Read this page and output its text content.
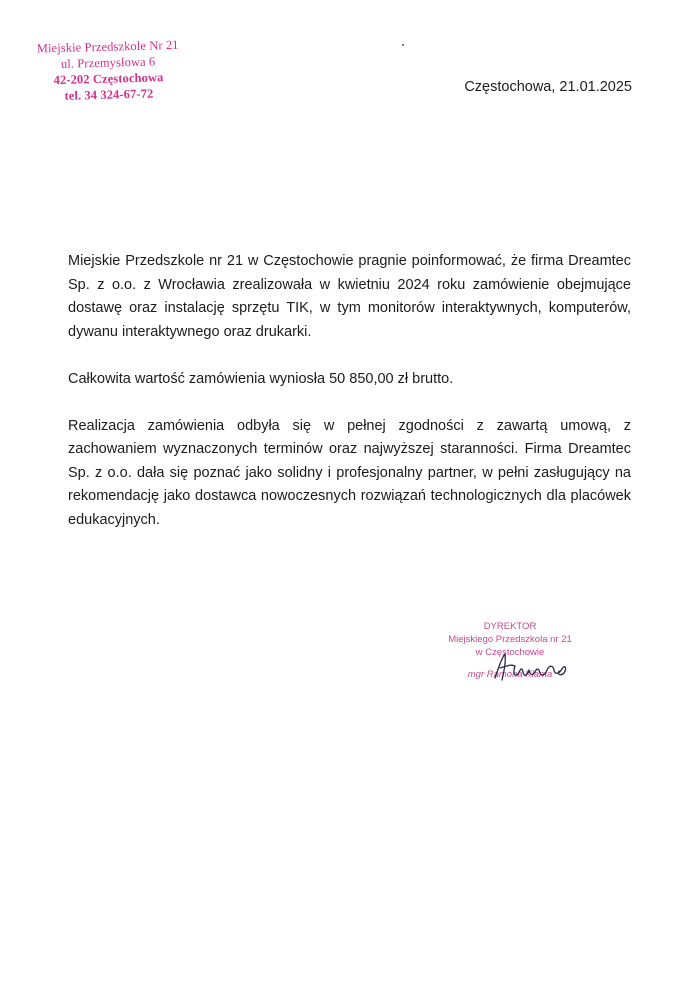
Miejskie Przedszkole Nr 21
ul. Przemysłowa 6
42-202 Częstochowa
tel. 34 324-67-72	Częstochowa, 21.01.2025

Miejskie Przedszkole nr 21 w Częstochowie pragnie poinformować, że firma Dreamtec Sp. z o.o. z Wrocławia zrealizowała w kwietniu 2024 roku zamówienie obejmujące dostawę oraz instalację sprzętu TIK, w tym monitorów interaktywnych, komputerów, dywanu interaktywnego oraz drukarki.

Całkowita wartość zamówienia wyniosła 50 850,00 zł brutto.

Realizacja zamówienia odbyła się w pełnej zgodności z zawartą umową, z zachowaniem wyznaczonych terminów oraz najwyższej staranności. Firma Dreamtec Sp. z o.o. dała się poznać jako solidny i profesjonalny partner, w pełni zasługujący na rekomendację jako dostawca nowoczesnych rozwiązań technologicznych dla placówek edukacyjnych.

DYREKTOR
Miejskiego Przedszkola nr 21
w Częstochowie
mgr Ramona Klama
